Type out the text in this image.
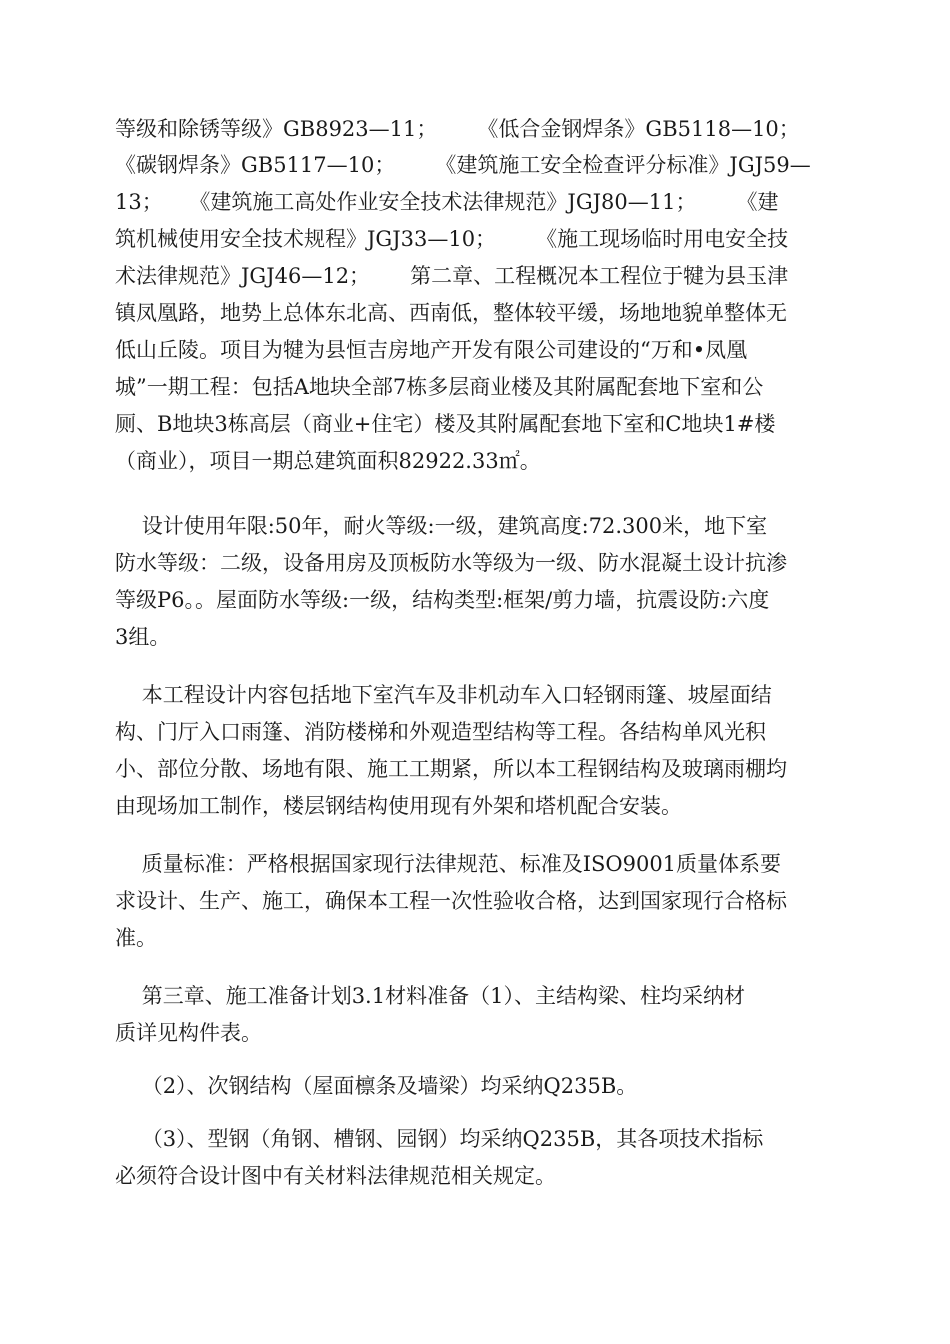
等级和除锈等级》GB8923—11；      《低合金钢焊条》GB5118—10；
《碳钢焊条》GB5117—10；      《建筑施工安全检查评分标准》JGJ59—
13；    《建筑施工高处作业安全技术法律规范》JGJ80—11；      《建
筑机械使用安全技术规程》JGJ33—10；      《施工现场临时用电安全技
术法律规范》JGJ46—12；      第二章、工程概况本工程位于犍为县玉津
镇凤凰路，地势上总体东北高、西南低，整体较平缓，场地地貌单整体无
低山丘陵。项目为犍为县恒吉房地产开发有限公司建设的“万和•凤凰
城”一期工程：包括A地块全部7栋多层商业楼及其附属配套地下室和公
厕、B地块3栋高层（商业+住宅）楼及其附属配套地下室和C地块1#楼
（商业），项目一期总建筑面积82922.33㎡。
设计使用年限:50年，耐火等级:一级，建筑高度:72.300米，地下室
防水等级：二级，设备用房及顶板防水等级为一级、防水混凝土设计抗渗
等级P6。。屋面防水等级:一级，结构类型:框架/剪力墙，抗震设防:六度
3组。
本工程设计内容包括地下室汽车及非机动车入口轻钢雨篷、坡屋面结
构、门厅入口雨篷、消防楼梯和外观造型结构等工程。各结构单风光积
小、部位分散、场地有限、施工工期紧，所以本工程钢结构及玻璃雨棚均
由现场加工制作，楼层钢结构使用现有外架和塔机配合安装。
质量标准：严格根据国家现行法律规范、标准及ISO9001质量体系要
求设计、生产、施工，确保本工程一次性验收合格，达到国家现行合格标
准。
第三章、施工准备计划3.1材料准备（1）、主结构梁、柱均采纳材
质详见构件表。
（2）、次钢结构（屋面檩条及墙梁）均采纳Q235B。
（3）、型钢（角钢、槽钢、园钢）均采纳Q235B，其各项技术指标
必须符合设计图中有关材料法律规范相关规定。
